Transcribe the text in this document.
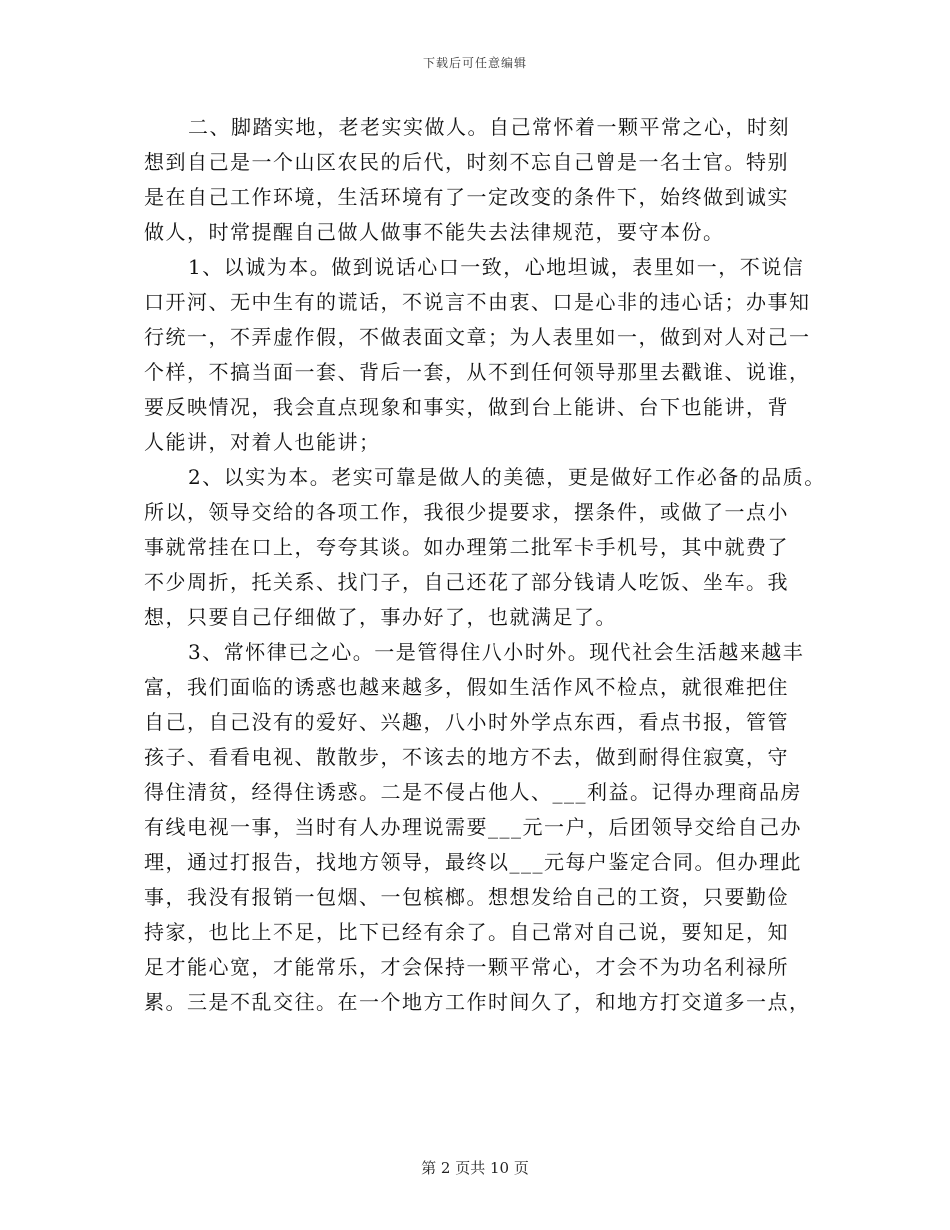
下载后可任意编辑
二、脚踏实地，老老实实做人。自己常怀着一颗平常之心，时刻
想到自己是一个山区农民的后代，时刻不忘自己曾是一名士官。特别
是在自己工作环境，生活环境有了一定改变的条件下，始终做到诚实
做人，时常提醒自己做人做事不能失去法律规范，要守本份。
1、以诚为本。做到说话心口一致，心地坦诚，表里如一，不说信
口开河、无中生有的谎话，不说言不由衷、口是心非的违心话；办事知
行统一，不弄虚作假，不做表面文章；为人表里如一，做到对人对己一
个样，不搞当面一套、背后一套，从不到任何领导那里去戳谁、说谁，
要反映情况，我会直点现象和事实，做到台上能讲、台下也能讲，背
人能讲，对着人也能讲；
2、以实为本。老实可靠是做人的美德，更是做好工作必备的品质。
所以，领导交给的各项工作，我很少提要求，摆条件，或做了一点小
事就常挂在口上，夸夸其谈。如办理第二批军卡手机号，其中就费了
不少周折，托关系、找门子，自己还花了部分钱请人吃饭、坐车。我
想，只要自己仔细做了，事办好了，也就满足了。
3、常怀律已之心。一是管得住八小时外。现代社会生活越来越丰
富，我们面临的诱惑也越来越多，假如生活作风不检点，就很难把住
自己，自己没有的爱好、兴趣，八小时外学点东西，看点书报，管管
孩子、看看电视、散散步，不该去的地方不去，做到耐得住寂寞，守
得住清贫，经得住诱惑。二是不侵占他人、___利益。记得办理商品房
有线电视一事，当时有人办理说需要___元一户，后团领导交给自己办
理，通过打报告，找地方领导，最终以___元每户鉴定合同。但办理此
事，我没有报销一包烟、一包槟榔。想想发给自己的工资，只要勤俭
持家，也比上不足，比下已经有余了。自己常对自己说，要知足，知
足才能心宽，才能常乐，才会保持一颗平常心，才会不为功名利禄所
累。三是不乱交往。在一个地方工作时间久了，和地方打交道多一点，
第 2 页共 10 页
